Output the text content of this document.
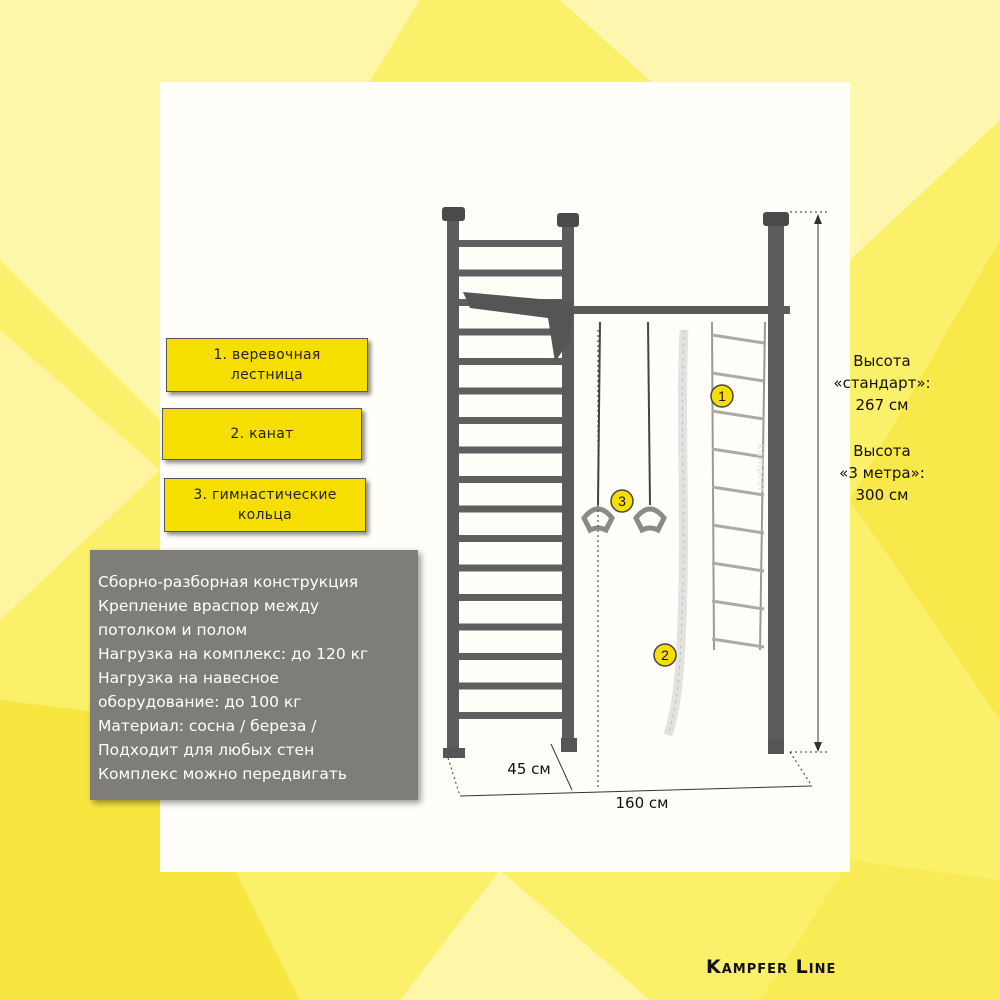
kampfer
1
2
3
1. веревочная
лестница
2. канат
3. гимнастические
кольца
Сборно-разборная конструкция
Крепление враспор между
потолком и полом
Нагрузка на комплекс: до 120 кг
Нагрузка на навесное
оборудование: до 100 кг
Материал: сосна / береза /
Подходит для любых стен
Комплекс можно передвигать
Высота
«стандарт»:
267 см
Высота
«3 метра»:
300 см
45 см
160 см
Kampfer Line
